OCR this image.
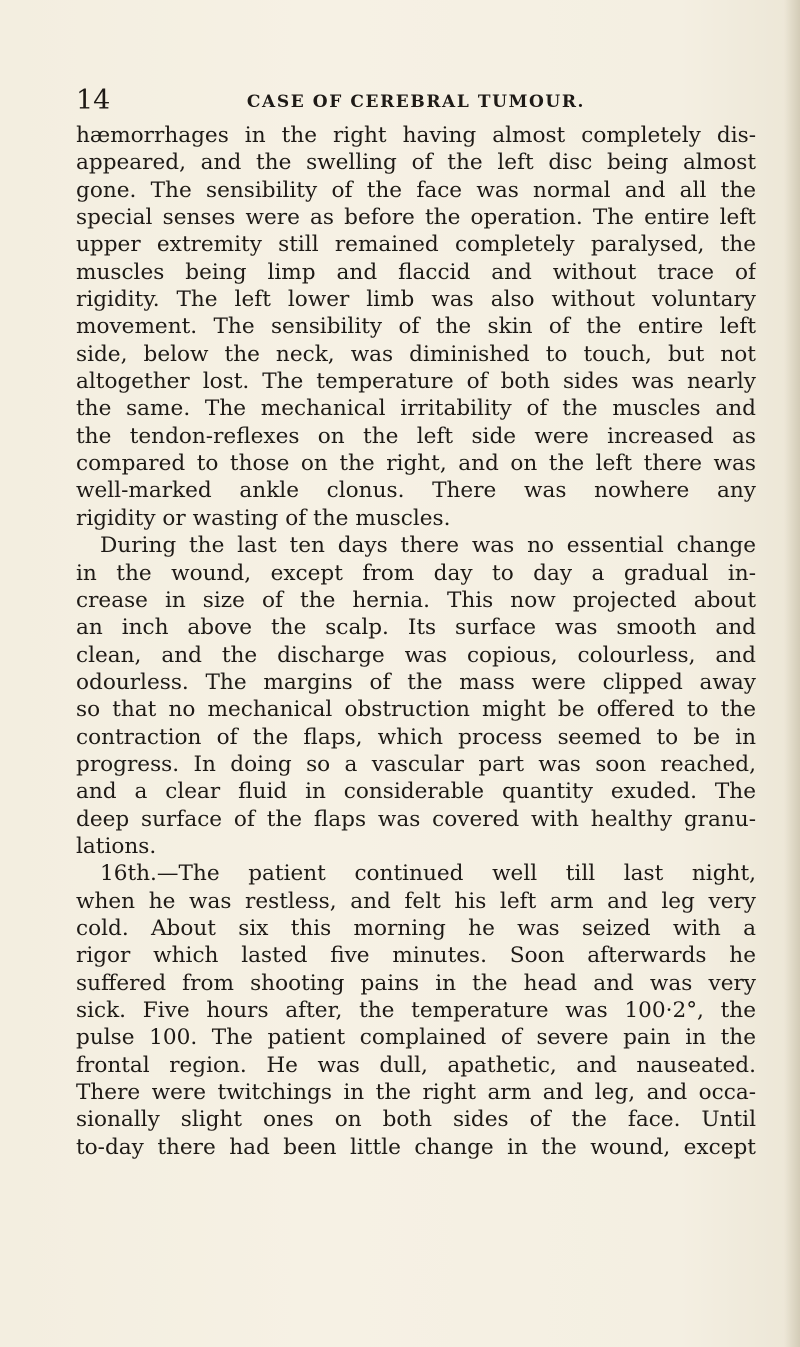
14	CASE OF CEREBRAL TUMOUR.
hæmorrhages in the right having almost completely dis-
appeared, and the swelling of the left disc being almost
gone. The sensibility of the face was normal and all the
special senses were as before the operation. The entire left
upper extremity still remained completely paralysed, the
muscles being limp and flaccid and without trace of
rigidity. The left lower limb was also without voluntary
movement. The sensibility of the skin of the entire left
side, below the neck, was diminished to touch, but not
altogether lost. The temperature of both sides was nearly
the same. The mechanical irritability of the muscles and
the tendon-reflexes on the left side were increased as
compared to those on the right, and on the left there was
well-marked ankle clonus. There was nowhere any
rigidity or wasting of the muscles.
During the last ten days there was no essential change
in the wound, except from day to day a gradual in-
crease in size of the hernia. This now projected about
an inch above the scalp. Its surface was smooth and
clean, and the discharge was copious, colourless, and
odourless. The margins of the mass were clipped away
so that no mechanical obstruction might be offered to the
contraction of the flaps, which process seemed to be in
progress. In doing so a vascular part was soon reached,
and a clear fluid in considerable quantity exuded. The
deep surface of the flaps was covered with healthy granu-
lations.
16th.—The patient continued well till last night,
when he was restless, and felt his left arm and leg very
cold. About six this morning he was seized with a
rigor which lasted five minutes. Soon afterwards he
suffered from shooting pains in the head and was very
sick. Five hours after, the temperature was 100·2°, the
pulse 100. The patient complained of severe pain in the
frontal region. He was dull, apathetic, and nauseated.
There were twitchings in the right arm and leg, and occa-
sionally slight ones on both sides of the face. Until
to-day there had been little change in the wound, except
